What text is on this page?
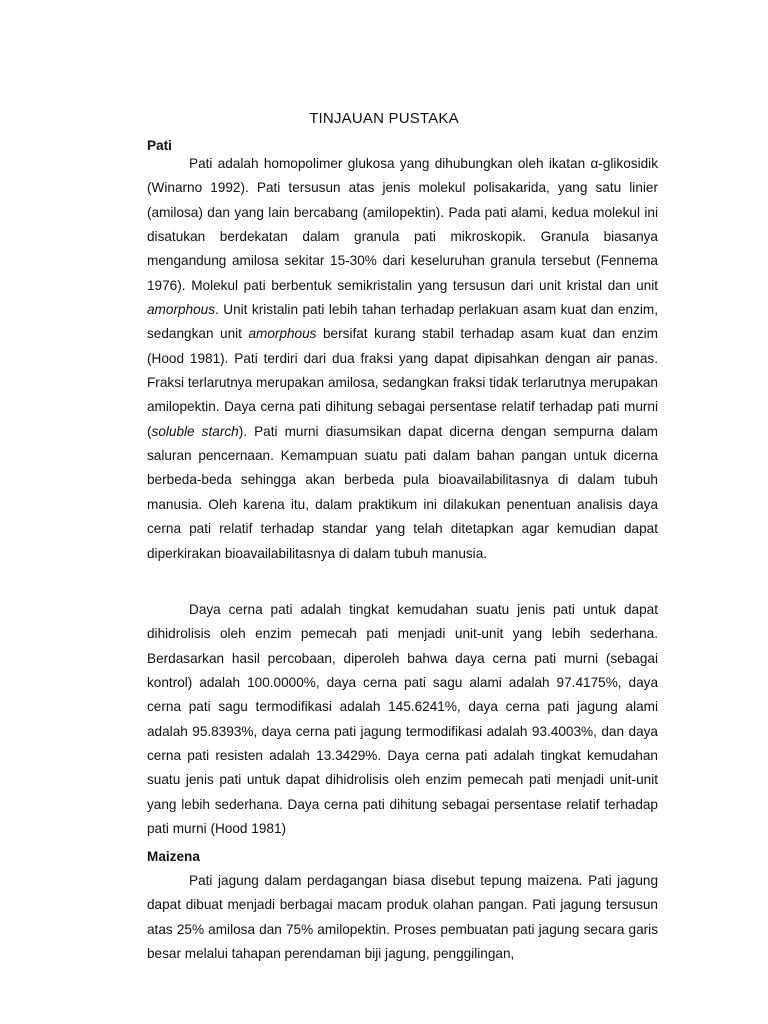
TINJAUAN PUSTAKA
Pati

Pati adalah homopolimer glukosa yang dihubungkan oleh ikatan α-glikosidik (Winarno 1992). Pati tersusun atas jenis molekul polisakarida, yang satu linier (amilosa) dan yang lain bercabang (amilopektin). Pada pati alami, kedua molekul ini disatukan berdekatan dalam granula pati mikroskopik. Granula biasanya mengandung amilosa sekitar 15-30% dari keseluruhan granula tersebut (Fennema 1976). Molekul pati berbentuk semikristalin yang tersusun dari unit kristal dan unit amorphous. Unit kristalin pati lebih tahan terhadap perlakuan asam kuat dan enzim, sedangkan unit amorphous bersifat kurang stabil terhadap asam kuat dan enzim (Hood 1981). Pati terdiri dari dua fraksi yang dapat dipisahkan dengan air panas. Fraksi terlarutnya merupakan amilosa, sedangkan fraksi tidak terlarutnya merupakan amilopektin. Daya cerna pati dihitung sebagai persentase relatif terhadap pati murni (soluble starch). Pati murni diasumsikan dapat dicerna dengan sempurna dalam saluran pencernaan. Kemampuan suatu pati dalam bahan pangan untuk dicerna berbeda-beda sehingga akan berbeda pula bioavailabilitasnya di dalam tubuh manusia. Oleh karena itu, dalam praktikum ini dilakukan penentuan analisis daya cerna pati relatif terhadap standar yang telah ditetapkan agar kemudian dapat diperkirakan bioavailabilitasnya di dalam tubuh manusia.

Daya cerna pati adalah tingkat kemudahan suatu jenis pati untuk dapat dihidrolisis oleh enzim pemecah pati menjadi unit-unit yang lebih sederhana. Berdasarkan hasil percobaan, diperoleh bahwa daya cerna pati murni (sebagai kontrol) adalah 100.0000%, daya cerna pati sagu alami adalah 97.4175%, daya cerna pati sagu termodifikasi adalah 145.6241%, daya cerna pati jagung alami adalah 95.8393%, daya cerna pati jagung termodifikasi adalah 93.4003%, dan daya cerna pati resisten adalah 13.3429%. Daya cerna pati adalah tingkat kemudahan suatu jenis pati untuk dapat dihidrolisis oleh enzim pemecah pati menjadi unit-unit yang lebih sederhana. Daya cerna pati dihitung sebagai persentase relatif terhadap pati murni (Hood 1981)

Maizena

Pati jagung dalam perdagangan biasa disebut tepung maizena. Pati jagung dapat dibuat menjadi berbagai macam produk olahan pangan. Pati jagung tersusun atas 25% amilosa dan 75% amilopektin. Proses pembuatan pati jagung secara garis besar melalui tahapan perendaman biji jagung, penggilingan,
